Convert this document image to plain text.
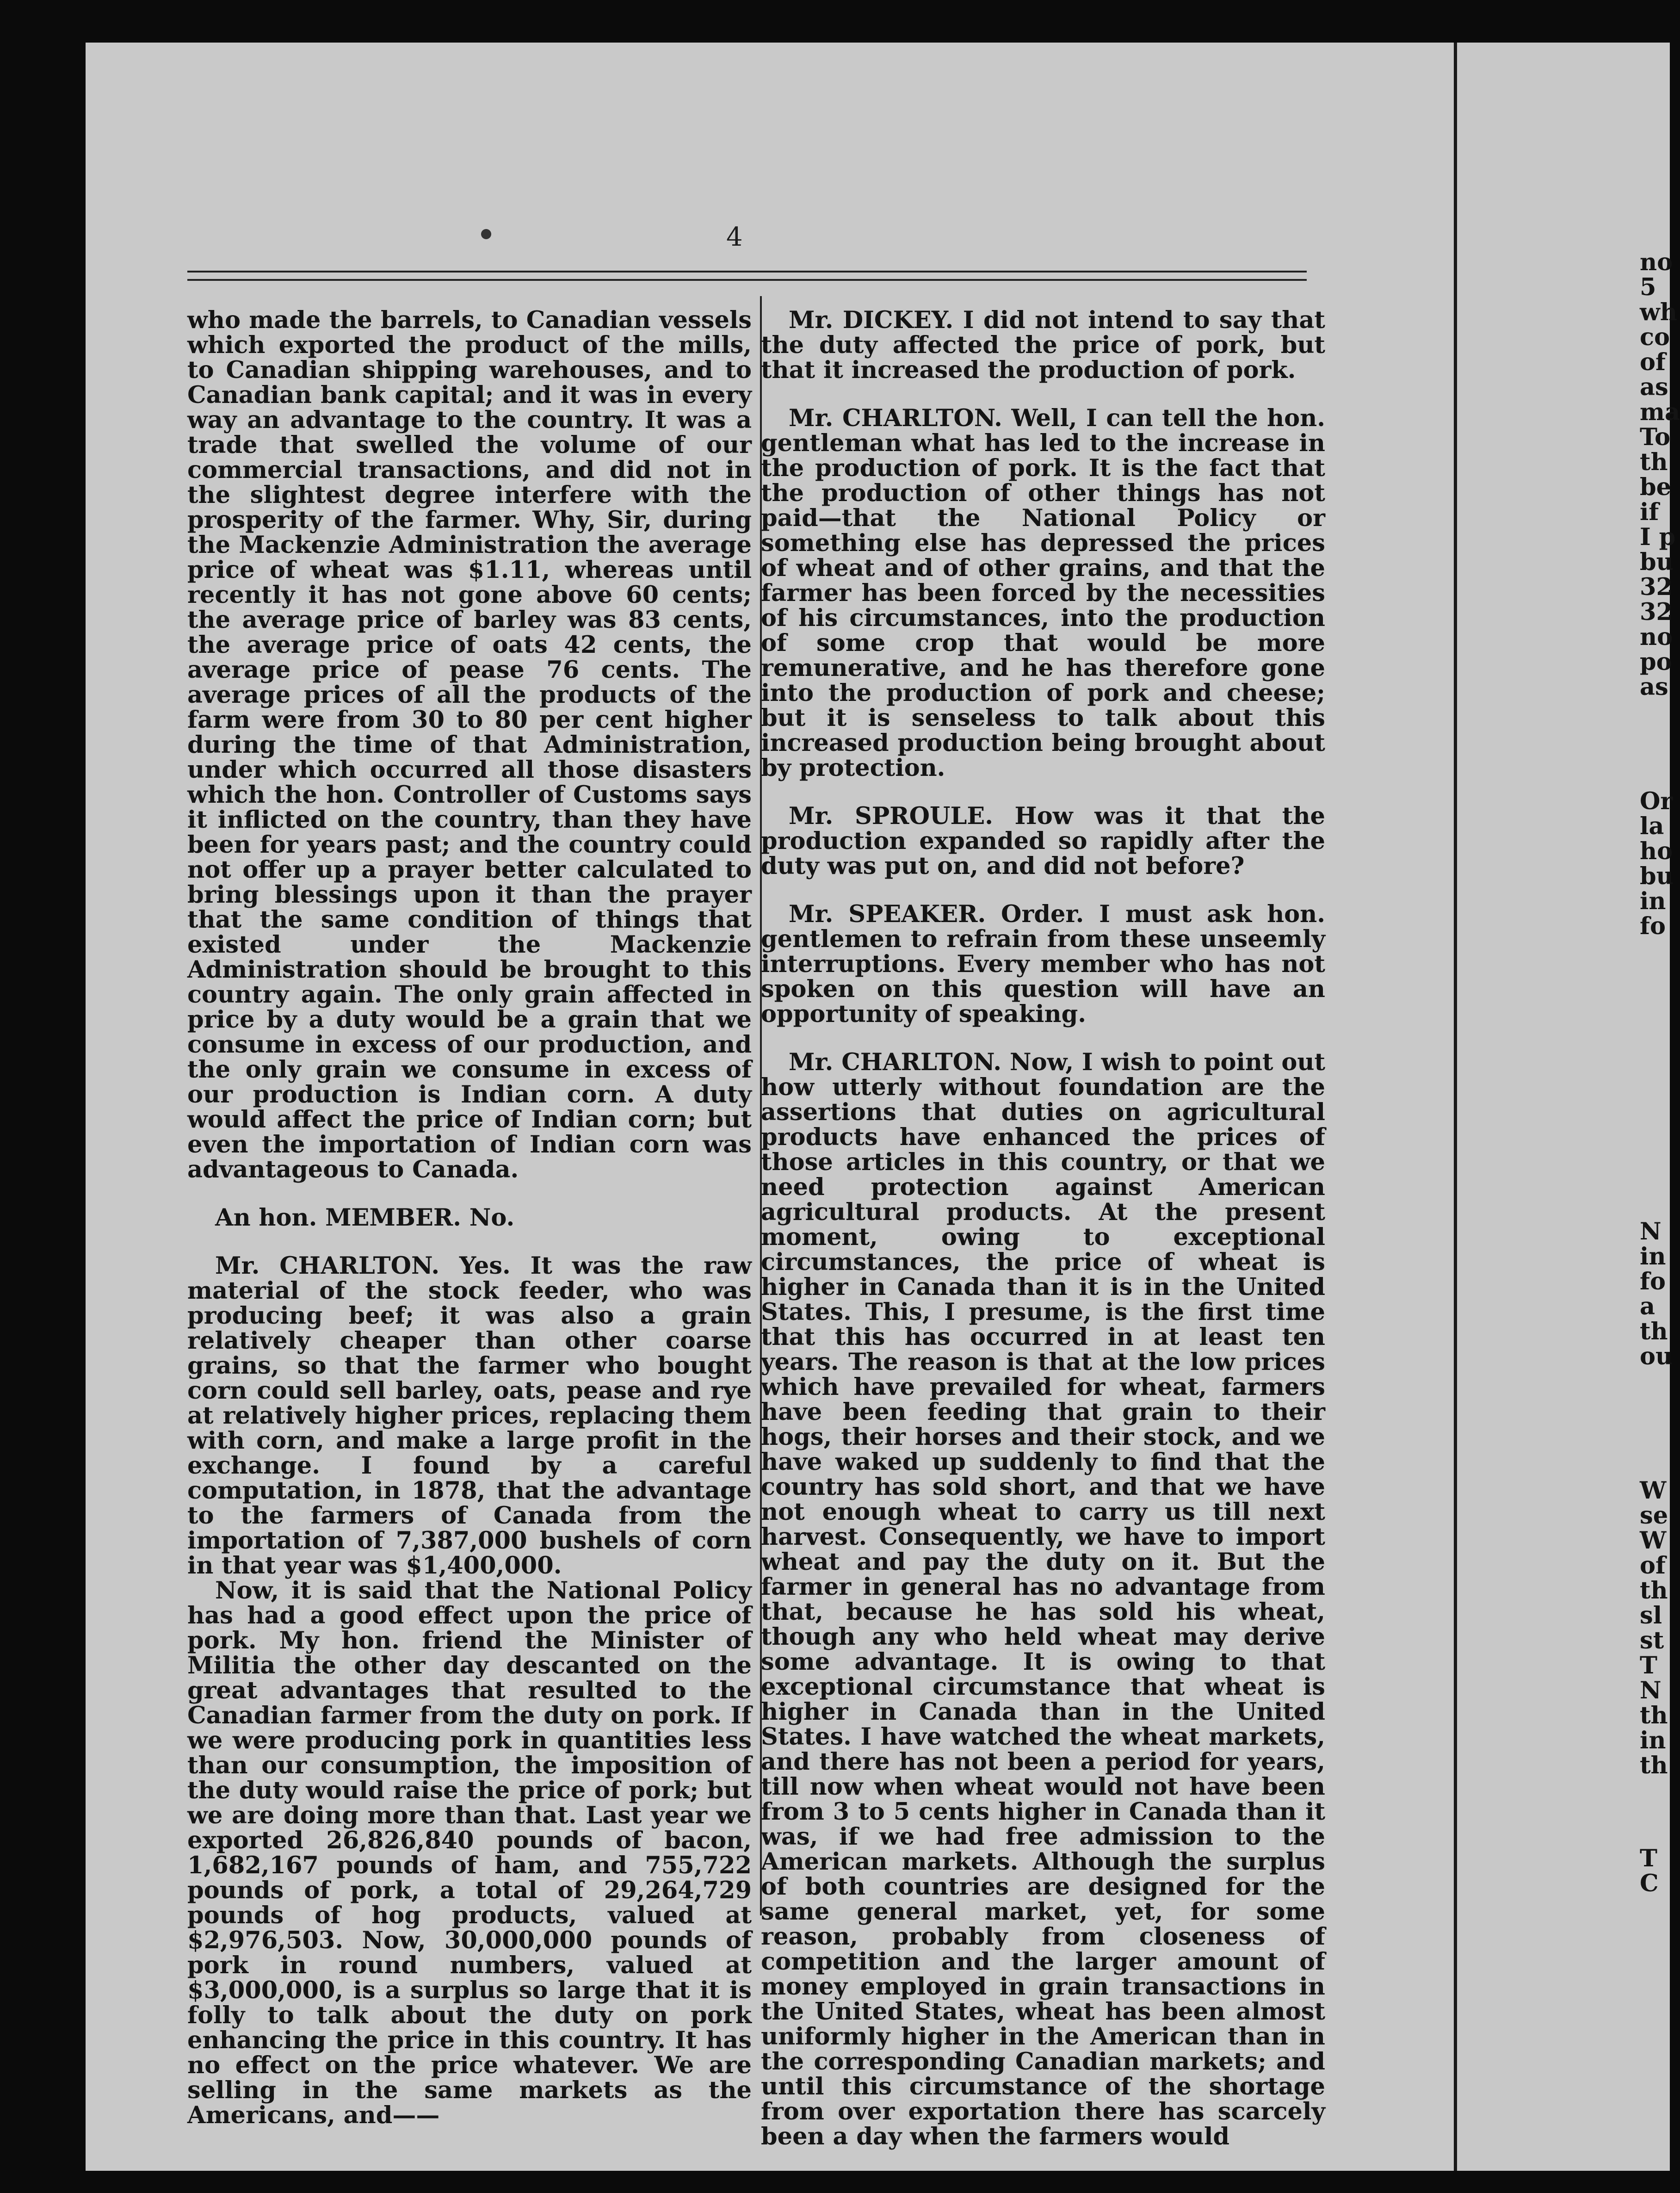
4

who made the barrels, to Canadian vessels which exported the product of the mills, to Canadian shipping warehouses, and to Canadian bank capital; and it was in every way an advantage to the country. It was a trade that swelled the volume of our commercial transactions, and did not in the slightest degree interfere with the prosperity of the farmer. Why, Sir, during the Mackenzie Administration the average price of wheat was $1.11, whereas until recently it has not gone above 60 cents; the average price of barley was 83 cents, the average price of oats 42 cents, the average price of pease 76 cents. The average prices of all the products of the farm were from 30 to 80 per cent higher during the time of that Administration, under which occurred all those disasters which the hon. Controller of Customs says it inflicted on the country, than they have been for years past; and the country could not offer up a prayer better calculated to bring blessings upon it than the prayer that the same condition of things that existed under the Mackenzie Administration should be brought to this country again. The only grain affected in price by a duty would be a grain that we consume in excess of our production, and the only grain we consume in excess of our production is Indian corn. A duty would affect the price of Indian corn; but even the importation of Indian corn was advantageous to Canada.

An hon. MEMBER. No.

Mr. CHARLTON. Yes. It was the raw material of the stock feeder, who was producing beef; it was also a grain relatively cheaper than other coarse grains, so that the farmer who bought corn could sell barley, oats, pease and rye at relatively higher prices, replacing them with corn, and make a large profit in the exchange. I found by a careful computation, in 1878, that the advantage to the farmers of Canada from the importation of 7,387,000 bushels of corn in that year was $1,400,000.

Now, it is said that the National Policy has had a good effect upon the price of pork. My hon. friend the Minister of Militia the other day descanted on the great advantages that resulted to the Canadian farmer from the duty on pork. If we were producing pork in quantities less than our consumption, the imposition of the duty would raise the price of pork; but we are doing more than that. Last year we exported 26,826,840 pounds of bacon, 1,682,167 pounds of ham, and 755,722 pounds of pork, a total of 29,264,729 pounds of hog products, valued at $2,976,503. Now, 30,000,000 pounds of pork in round numbers, valued at $3,000,000, is a surplus so large that it is folly to talk about the duty on pork enhancing the price in this country. It has no effect on the price whatever. We are selling in the same markets as the Americans, and——

Mr. DICKEY. I did not intend to say that the duty affected the price of pork, but that it increased the production of pork.

Mr. CHARLTON. Well, I can tell the hon. gentleman what has led to the increase in the production of pork. It is the fact that the production of other things has not paid—that the National Policy or something else has depressed the prices of wheat and of other grains, and that the farmer has been forced by the necessities of his circumstances, into the production of some crop that would be more remunerative, and he has therefore gone into the production of pork and cheese; but it is senseless to talk about this increased production being brought about by protection.

Mr. SPROULE. How was it that the production expanded so rapidly after the duty was put on, and did not before?

Mr. SPEAKER. Order. I must ask hon. gentlemen to refrain from these unseemly interruptions. Every member who has not spoken on this question will have an opportunity of speaking.

Mr. CHARLTON. Now, I wish to point out how utterly without foundation are the assertions that duties on agricultural products have enhanced the prices of those articles in this country, or that we need protection against American agricultural products. At the present moment, owing to exceptional circumstances, the price of wheat is higher in Canada than it is in the United States. This, I presume, is the first time that this has occurred in at least ten years. The reason is that at the low prices which have prevailed for wheat, farmers have been feeding that grain to their hogs, their horses and their stock, and we have waked up suddenly to find that the country has sold short, and that we have not enough wheat to carry us till next harvest. Consequently, we have to import wheat and pay the duty on it. But the farmer in general has no advantage from that, because he has sold his wheat, though any who held wheat may derive some advantage. It is owing to that exceptional circumstance that wheat is higher in Canada than in the United States. I have watched the wheat markets, and there has not been a period for years, till now when wheat would not have been from 3 to 5 cents higher in Canada than it was, if we had free admission to the American markets. Although the surplus of both countries are designed for the same general market, yet, for some reason, probably from closeness of competition and the larger amount of money employed in grain transactions in the United States, wheat has been almost uniformly higher in the American than in the corresponding Canadian markets; and until this circumstance of the shortage from over exportation there has scarcely been a day when the farmers would

no
5
wh
co
of
as
ma
To
th
be
if
I p
bu
32
32
no
po
as
Or
la
ho
bu
in
fo
N
in
fo
a
th
ou
W
se
W
of
th
sl
st
T
N
th
in
th
T
C
